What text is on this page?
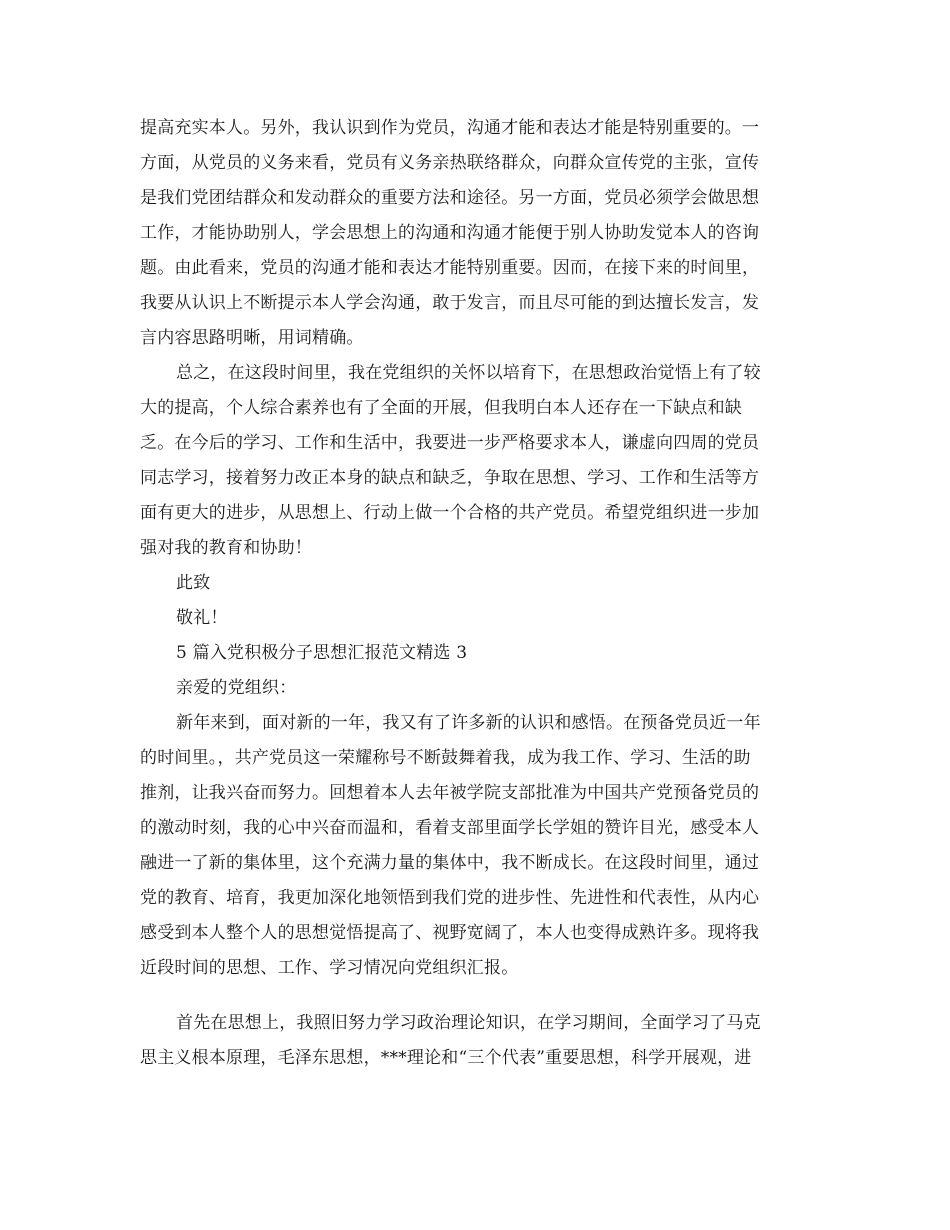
提高充实本人。另外，我认识到作为党员，沟通才能和表达才能是特别重要的。一
方面，从党员的义务来看，党员有义务亲热联络群众，向群众宣传党的主张，宣传
是我们党团结群众和发动群众的重要方法和途径。另一方面，党员必须学会做思想
工作，才能协助别人，学会思想上的沟通和沟通才能便于别人协助发觉本人的咨询
题。由此看来，党员的沟通才能和表达才能特别重要。因而，在接下来的时间里，
我要从认识上不断提示本人学会沟通，敢于发言，而且尽可能的到达擅长发言，发
言内容思路明晰，用词精确。
总之，在这段时间里，我在党组织的关怀以培育下，在思想政治觉悟上有了较
大的提高，个人综合素养也有了全面的开展，但我明白本人还存在一下缺点和缺
乏。在今后的学习、工作和生活中，我要进一步严格要求本人，谦虚向四周的党员
同志学习，接着努力改正本身的缺点和缺乏，争取在思想、学习、工作和生活等方
面有更大的进步，从思想上、行动上做一个合格的共产党员。希望党组织进一步加
强对我的教育和协助！
此致
敬礼！
5 篇入党积极分子思想汇报范文精选 3
亲爱的党组织：
新年来到，面对新的一年，我又有了许多新的认识和感悟。在预备党员近一年
的时间里。，共产党员这一荣耀称号不断鼓舞着我，成为我工作、学习、生活的助
推剂，让我兴奋而努力。回想着本人去年被学院支部批准为中国共产党预备党员的
的激动时刻，我的心中兴奋而温和，看着支部里面学长学姐的赞许目光，感受本人
融进一了新的集体里，这个充满力量的集体中，我不断成长。在这段时间里，通过
党的教育、培育，我更加深化地领悟到我们党的进步性、先进性和代表性，从内心
感受到本人整个人的思想觉悟提高了、视野宽阔了，本人也变得成熟许多。现将我
近段时间的思想、工作、学习情况向党组织汇报。
首先在思想上，我照旧努力学习政治理论知识，在学习期间，全面学习了马克
思主义根本原理，毛泽东思想，***理论和“三个代表”重要思想，科学开展观，进
